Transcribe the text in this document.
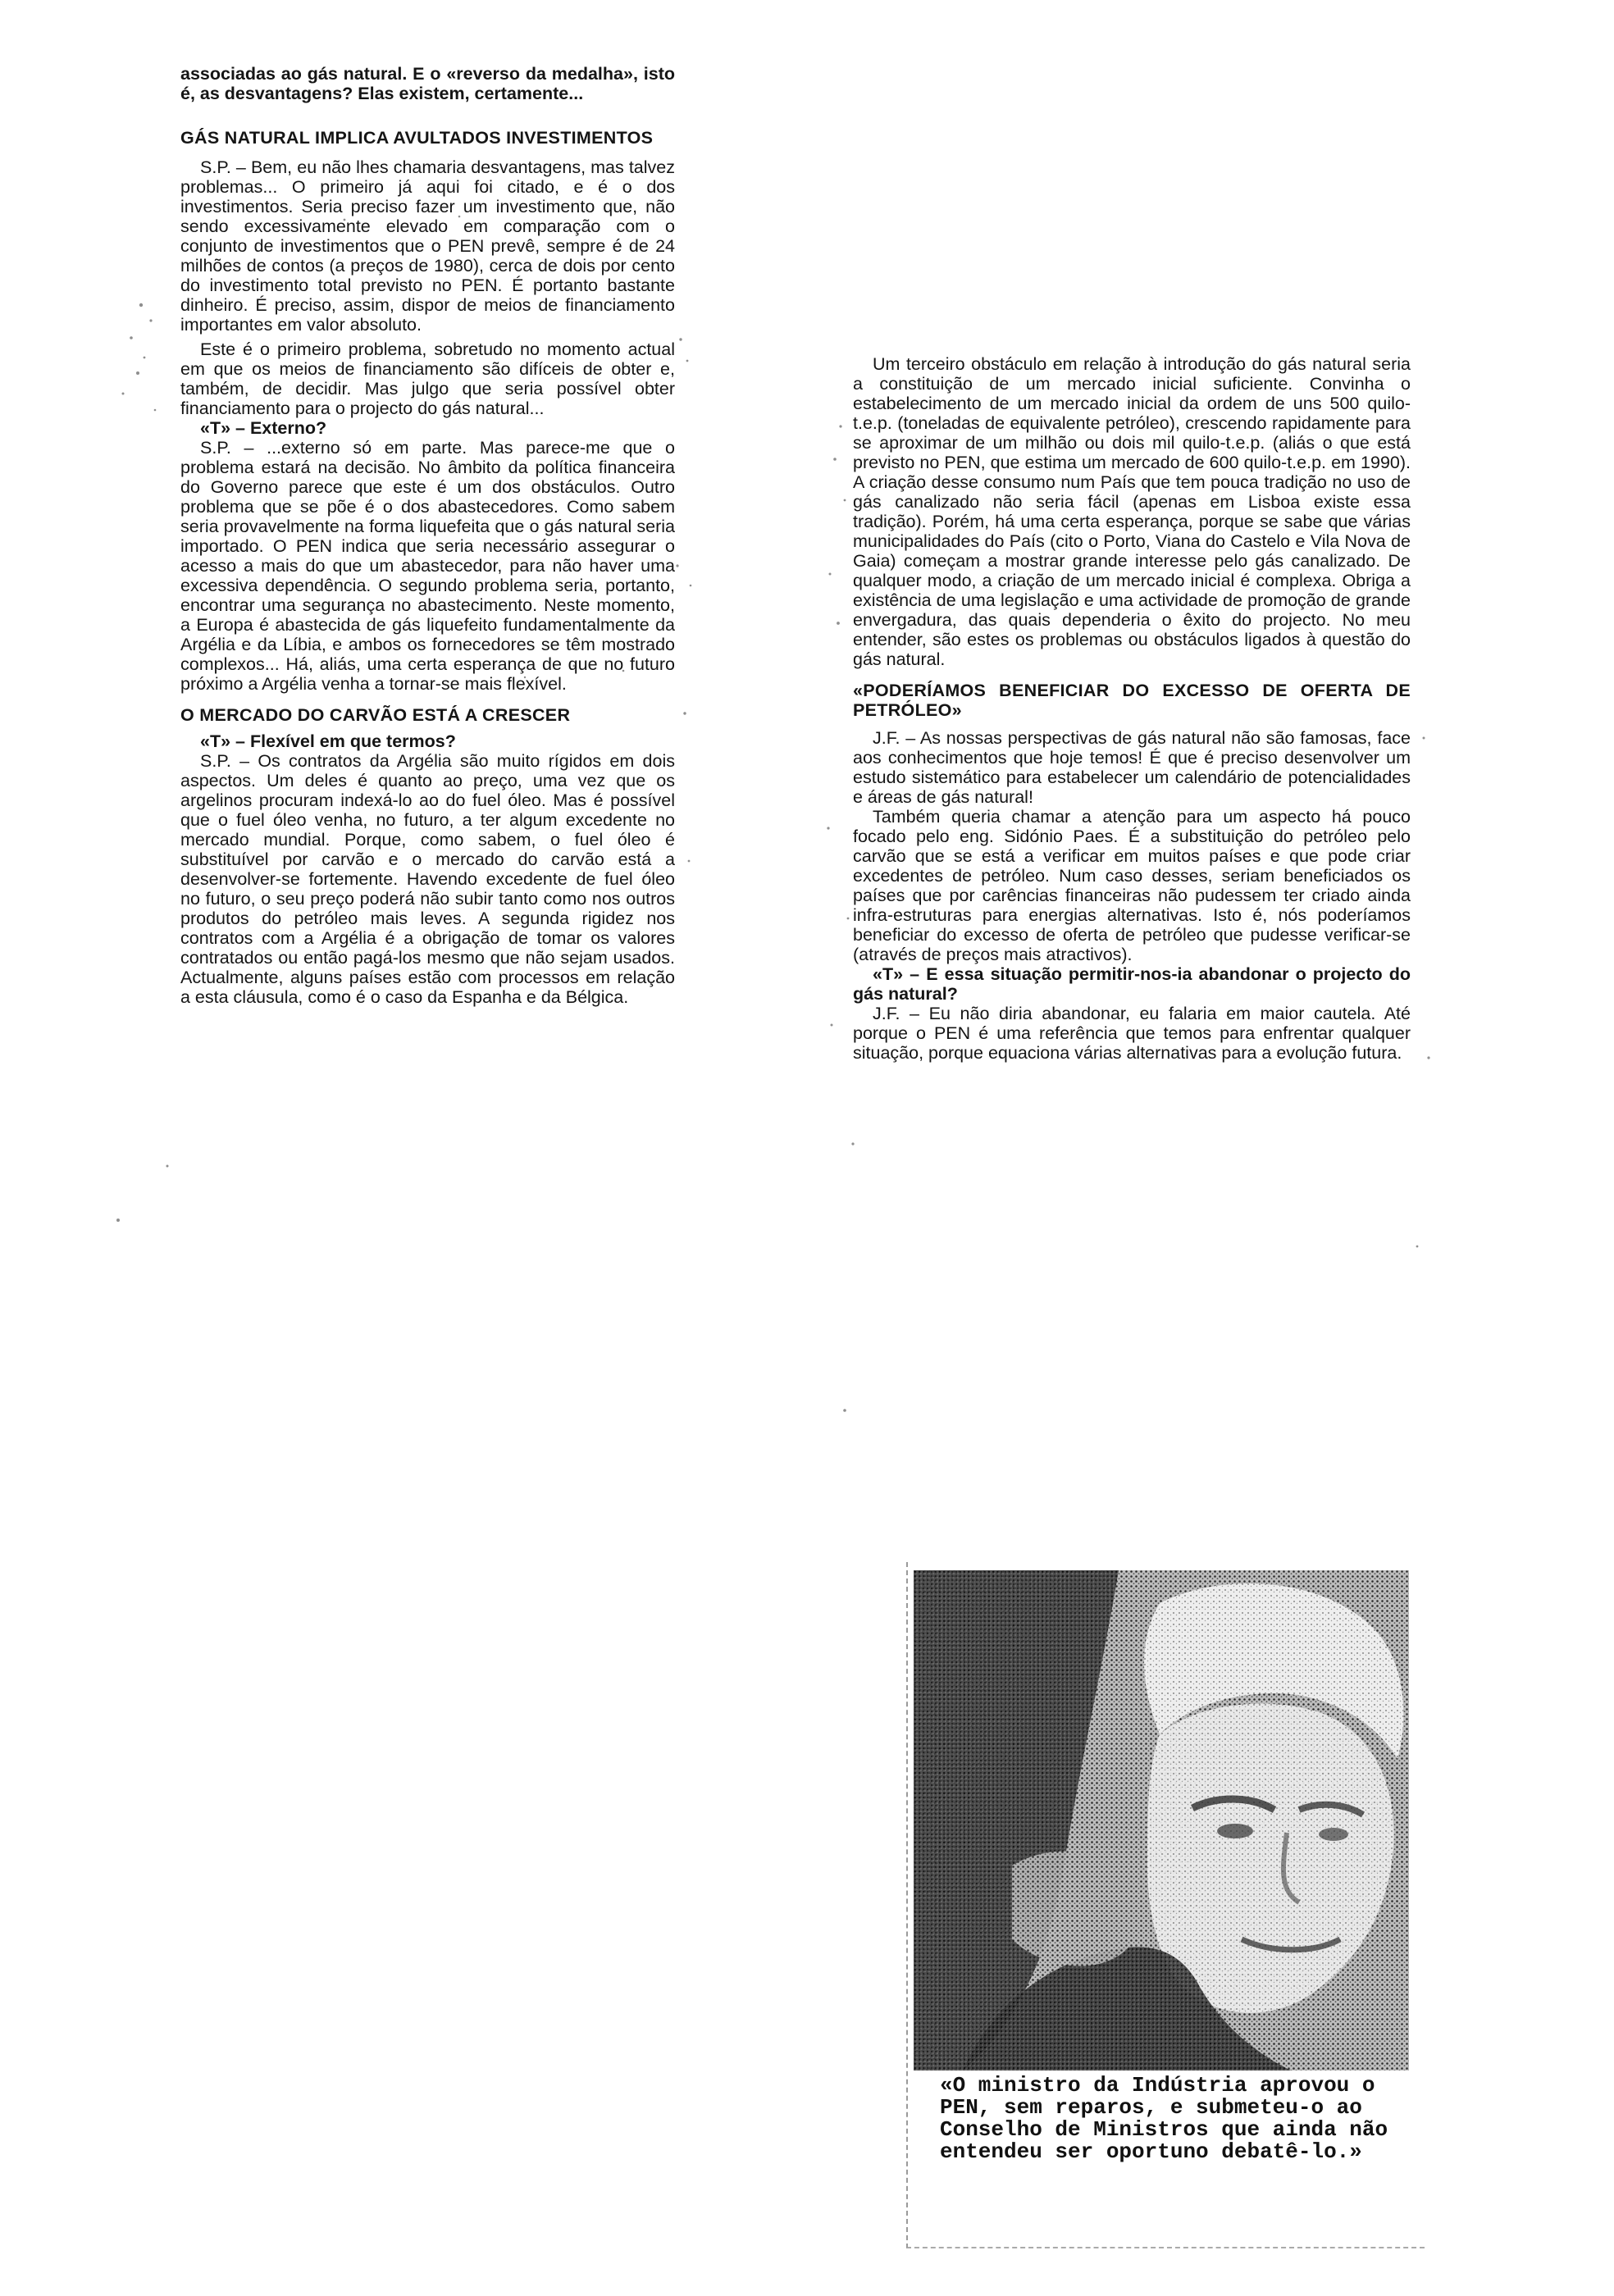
associadas ao gás natural. E o «reverso da medalha», isto é, as desvantagens? Elas existem, certamente...

GÁS NATURAL IMPLICA AVULTADOS INVESTIMENTOS

S.P. – Bem, eu não lhes chamaria desvantagens, mas talvez problemas... O primeiro já aqui foi citado, e é o dos investimentos. Seria preciso fazer um investimento que, não sendo excessivamente elevado em comparação com o conjunto de investimentos que o PEN prevê, sempre é de 24 milhões de contos (a preços de 1980), cerca de dois por cento do investimento total previsto no PEN. É portanto bastante dinheiro. É preciso, assim, dispor de meios de financiamento importantes em valor absoluto.

Este é o primeiro problema, sobretudo no momento actual em que os meios de financiamento são difíceis de obter e, também, de decidir. Mas julgo que seria possível obter financiamento para o projecto do gás natural...

«T» – Externo?

S.P. – ...externo só em parte. Mas parece-me que o problema estará na decisão. No âmbito da política financeira do Governo parece que este é um dos obstáculos. Outro problema que se põe é o dos abastecedores. Como sabem seria provavelmente na forma liquefeita que o gás natural seria importado. O PEN indica que seria necessário assegurar o acesso a mais do que um abastecedor, para não haver uma excessiva dependência. O segundo problema seria, portanto, encontrar uma segurança no abastecimento. Neste momento, a Europa é abastecida de gás liquefeito fundamentalmente da Argélia e da Líbia, e ambos os fornecedores se têm mostrado complexos... Há, aliás, uma certa esperança de que no futuro próximo a Argélia venha a tornar-se mais flexível.

O MERCADO DO CARVÃO ESTÁ A CRESCER

«T» – Flexível em que termos?

S.P. – Os contratos da Argélia são muito rígidos em dois aspectos. Um deles é quanto ao preço, uma vez que os argelinos procuram indexá-lo ao do fuel óleo. Mas é possível que o fuel óleo venha, no futuro, a ter algum excedente no mercado mundial. Porque, como sabem, o fuel óleo é substituível por carvão e o mercado do carvão está a desenvolver-se fortemente. Havendo excedente de fuel óleo no futuro, o seu preço poderá não subir tanto como nos outros produtos do petróleo mais leves. A segunda rigidez nos contratos com a Argélia é a obrigação de tomar os valores contratados ou então pagá-los mesmo que não sejam usados. Actualmente, alguns países estão com processos em relação a esta cláusula, como é o caso da Espanha e da Bélgica.

Um terceiro obstáculo em relação à introdução do gás natural seria a constituição de um mercado inicial suficiente. Convinha o estabelecimento de um mercado inicial da ordem de uns 500 quilo-t.e.p. (toneladas de equivalente petróleo), crescendo rapidamente para se aproximar de um milhão ou dois mil quilo-t.e.p. (aliás o que está previsto no PEN, que estima um mercado de 600 quilo-t.e.p. em 1990). A criação desse consumo num País que tem pouca tradição no uso de gás canalizado não seria fácil (apenas em Lisboa existe essa tradição). Porém, há uma certa esperança, porque se sabe que várias municipalidades do País (cito o Porto, Viana do Castelo e Vila Nova de Gaia) começam a mostrar grande interesse pelo gás canalizado. De qualquer modo, a criação de um mercado inicial é complexa. Obriga a existência de uma legislação e uma actividade de promoção de grande envergadura, das quais dependeria o êxito do projecto. No meu entender, são estes os problemas ou obstáculos ligados à questão do gás natural.

«PODERÍAMOS BENEFICIAR DO EXCESSO DE OFERTA DE PETRÓLEO»

J.F. – As nossas perspectivas de gás natural não são famosas, face aos conhecimentos que hoje temos! É que é preciso desenvolver um estudo sistemático para estabelecer um calendário de potencialidades e áreas de gás natural!

Também queria chamar a atenção para um aspecto há pouco focado pelo eng. Sidónio Paes. É a substituição do petróleo pelo carvão que se está a verificar em muitos países e que pode criar excedentes de petróleo. Num caso desses, seriam beneficiados os países que por carências financeiras não pudessem ter criado ainda infra-estruturas para energias alternativas. Isto é, nós poderíamos beneficiar do excesso de oferta de petróleo que pudesse verificar-se (através de preços mais atractivos).

«T» – E essa situação permitir-nos-ia abandonar o projecto do gás natural?

J.F. – Eu não diria abandonar, eu falaria em maior cautela. Até porque o PEN é uma referência que temos para enfrentar qualquer situação, porque equaciona várias alternativas para a evolução futura.

«O ministro da Indústria aprovou o PEN, sem reparos, e submeteu-o ao Conselho de Ministros que ainda não entendeu ser oportuno debatê-lo.»
